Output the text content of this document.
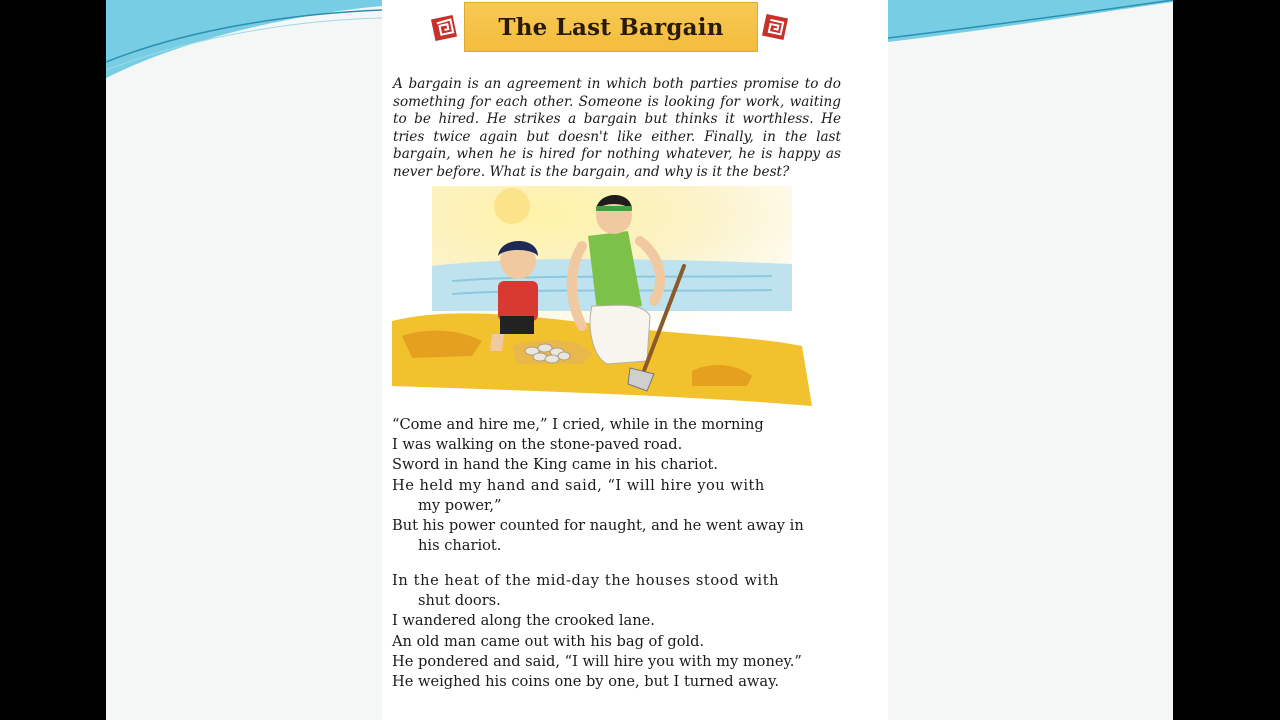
The Last Bargain

A bargain is an agreement in which both parties promise to do something for each other. Someone is looking for work, waiting to be hired. He strikes a bargain but thinks it worthless. He tries twice again but doesn't like either. Finally, in the last bargain, when he is hired for nothing whatever, he is happy as never before. What is the bargain, and why is it the best?

“Come and hire me,” I cried, while in the morning
I was walking on the stone-paved road.
Sword in hand the King came in his chariot.
He held my hand and said, “I will hire you with
my power,”
But his power counted for naught, and he went away in
his chariot.
In the heat of the mid-day the houses stood with
shut doors.
I wandered along the crooked lane.
An old man came out with his bag of gold.
He pondered and said, “I will hire you with my money.”
He weighed his coins one by one, but I turned away.
